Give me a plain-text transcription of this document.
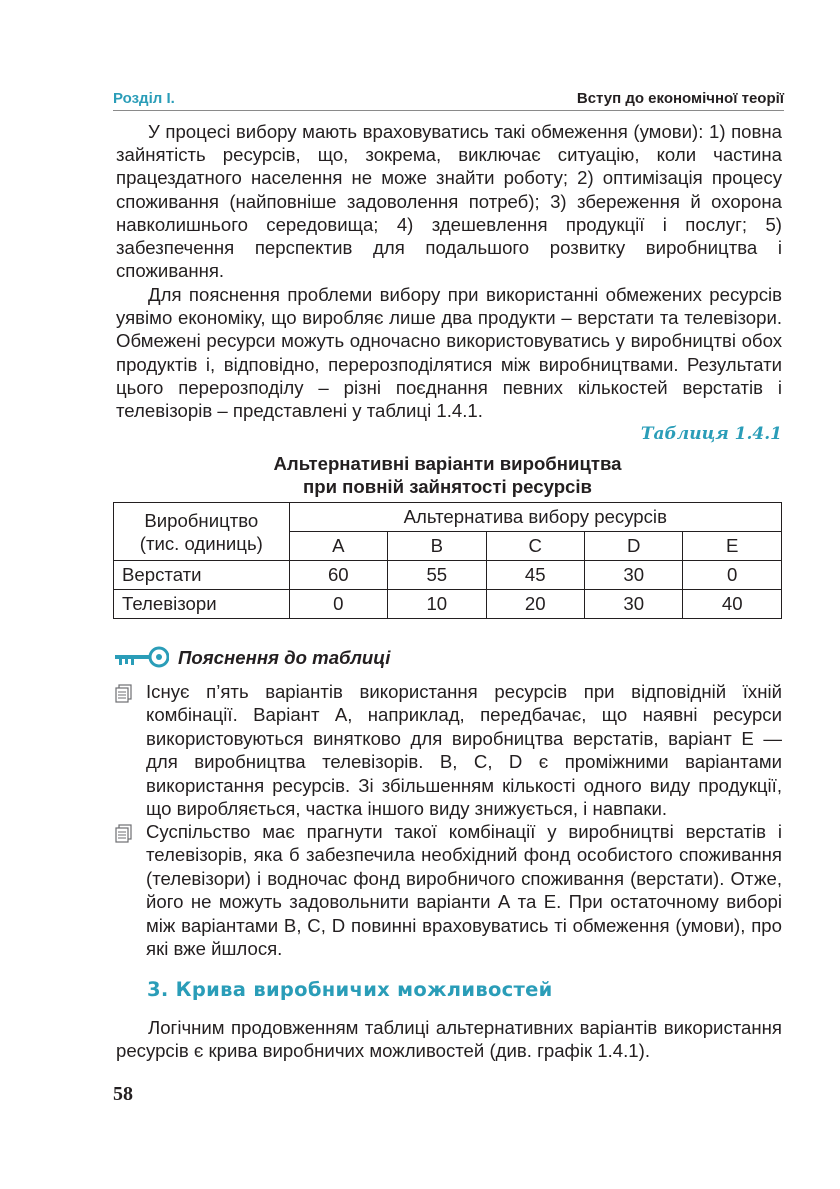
Розділ І.	Вступ до економічної теорії

У процесі вибору мають враховуватись такі обмеження (умови): 1) повна зайнятість ресурсів, що, зокрема, виключає ситуацію, коли частина працездатного населення не може знайти роботу; 2) оптимізація процесу споживання (найповніше задоволення потреб); 3) збереження й охорона навколишнього середовища; 4) здешевлення продукції і послуг; 5) забезпечення перспектив для подальшого розвитку виробництва і споживання.

Для пояснення проблеми вибору при використанні обмежених ресурсів уявімо економіку, що виробляє лише два продукти – верстати та телевізори. Обмежені ресурси можуть одночасно використовуватись у виробництві обох продуктів і, відповідно, перерозподілятися між виробництвами. Результати цього перерозподілу – різні поєднання певних кількостей верстатів і телевізорів – представлені у таблиці 1.4.1.

Таблиця 1.4.1
Альтернативні варіанти виробництва
при повній зайнятості ресурсів
Виробництво
(тис. одиниць)	Альтернатива вибору ресурсів				
	A	B	C	D	E
Верстати	60	55	45	30	0
Телевізори	0	10	20	30	40
Пояснення до таблиці

Існує п’ять варіантів використання ресурсів при відповідній їхній комбінації. Варіант А, наприклад, передбачає, що наявні ресурси використовуються винятково для виробництва верстатів, варіант Е — для виробництва телевізорів. В, С, D є проміжними варіантами використання ресурсів. Зі збільшенням кількості одного виду продукції, що виробляється, частка іншого виду знижується, і навпаки.

Суспільство має прагнути такої комбінації у виробництві верстатів і телевізорів, яка б забезпечила необхідний фонд особистого споживання (телевізори) і водночас фонд виробничого споживання (верстати). Отже, його не можуть задовольнити варіанти А та Е. При остаточному виборі між варіантами В, С, D повинні враховуватись ті обмеження (умови), про які вже йшлося.

3. Крива виробничих можливостей

Логічним продовженням таблиці альтернативних варіантів використання ресурсів є крива виробничих можливостей (див. графік 1.4.1).

58
